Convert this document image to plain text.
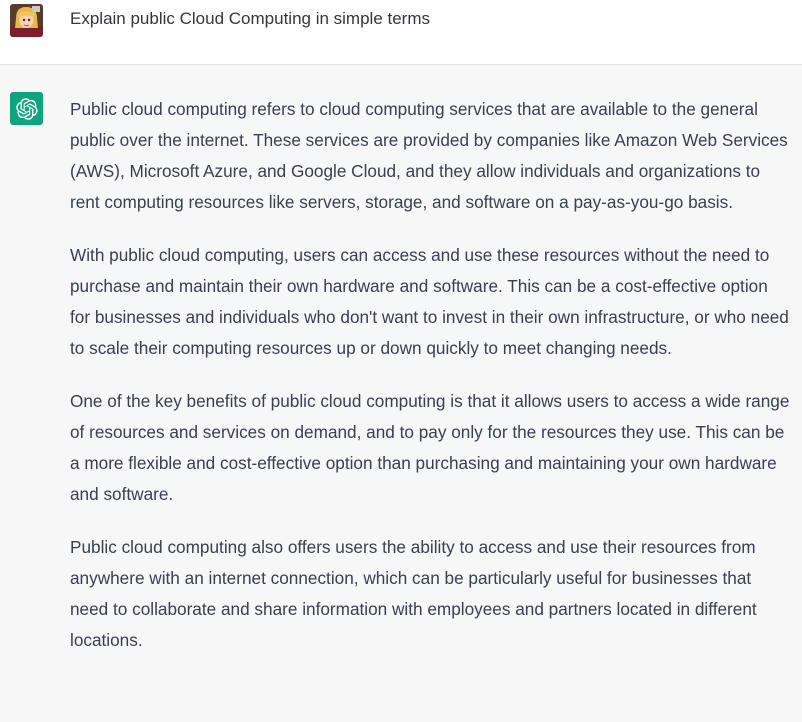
Explain public Cloud Computing in simple terms

Public cloud computing refers to cloud computing services that are available to the general public over the internet. These services are provided by companies like Amazon Web Services (AWS), Microsoft Azure, and Google Cloud, and they allow individuals and organizations to rent computing resources like servers, storage, and software on a pay-as-you-go basis.

With public cloud computing, users can access and use these resources without the need to purchase and maintain their own hardware and software. This can be a cost-effective option for businesses and individuals who don't want to invest in their own infrastructure, or who need to scale their computing resources up or down quickly to meet changing needs.

One of the key benefits of public cloud computing is that it allows users to access a wide range of resources and services on demand, and to pay only for the resources they use. This can be a more flexible and cost-effective option than purchasing and maintaining your own hardware and software.

Public cloud computing also offers users the ability to access and use their resources from anywhere with an internet connection, which can be particularly useful for businesses that need to collaborate and share information with employees and partners located in different locations.
